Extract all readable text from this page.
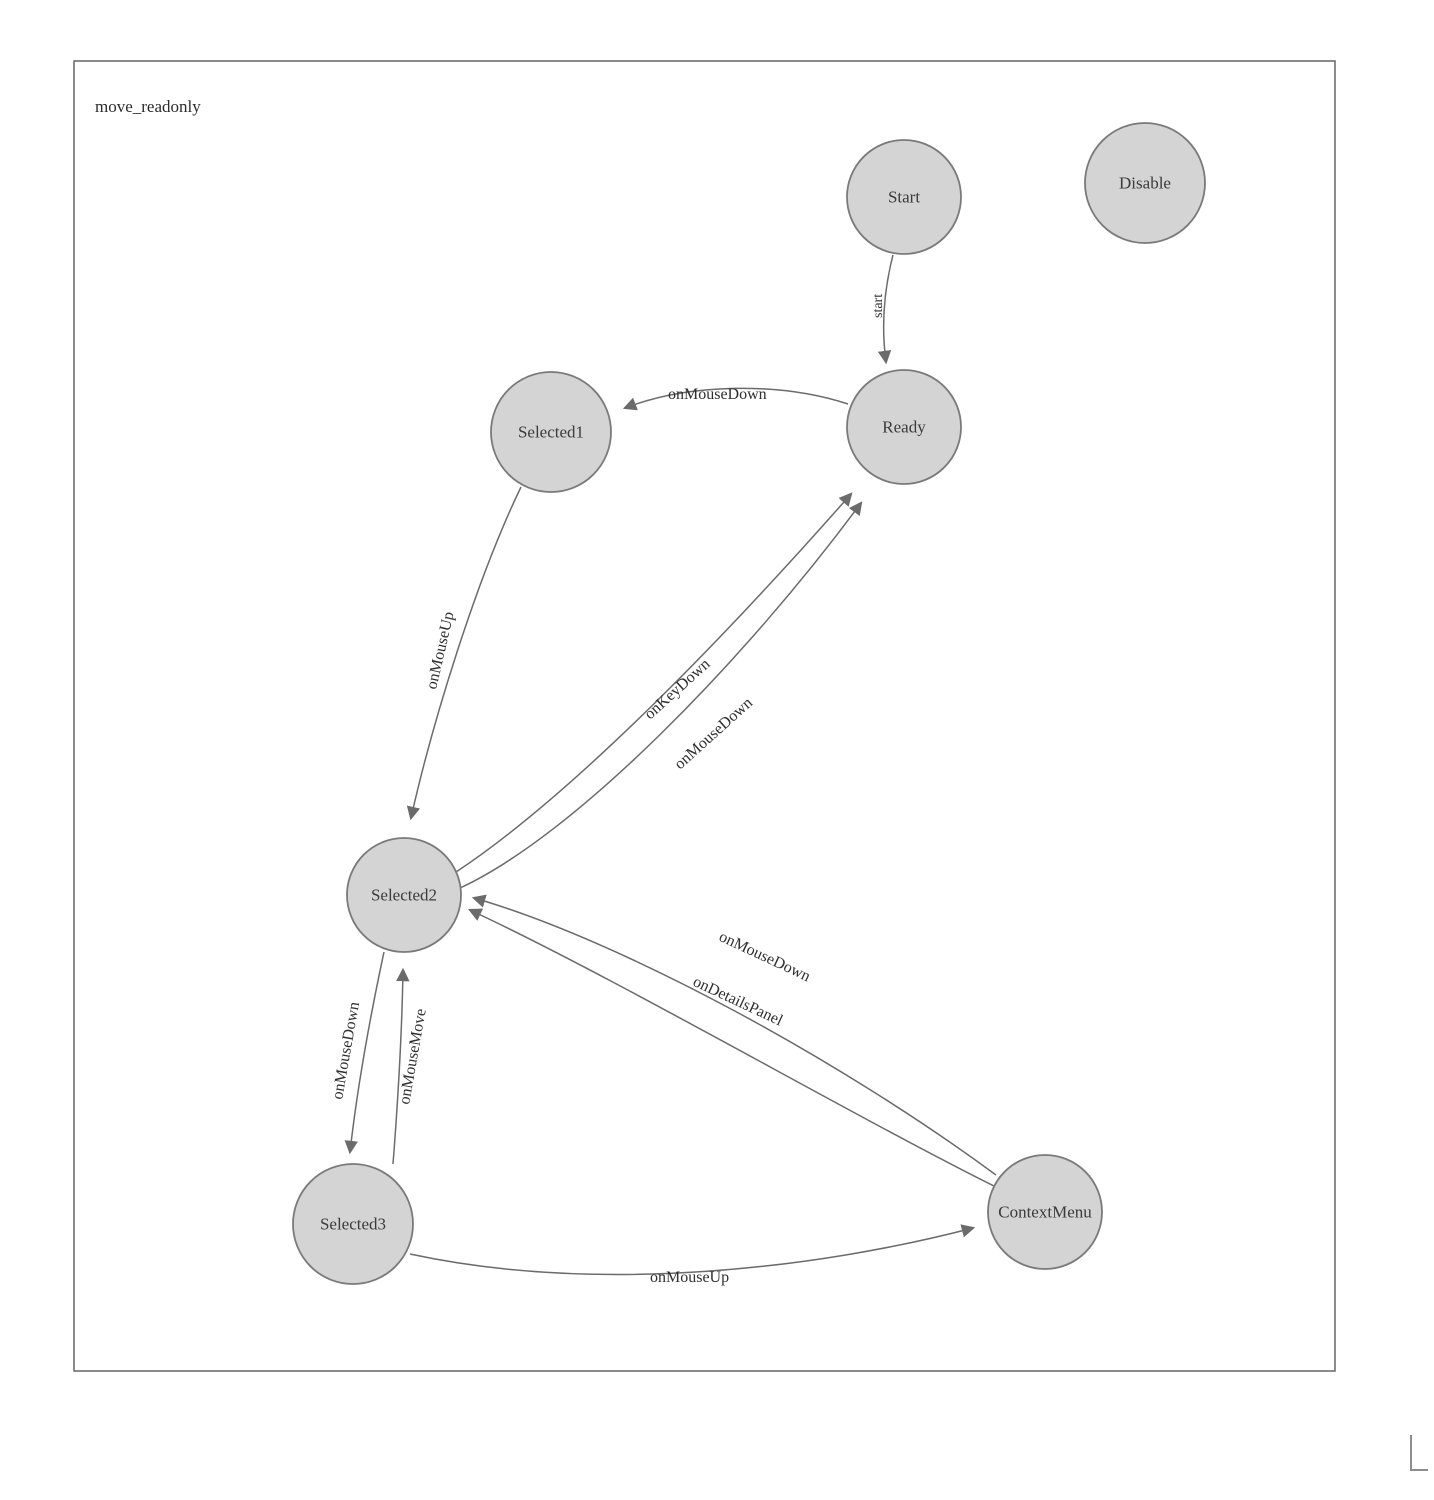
move_readonly
start
onMouseDown
onMouseUp	onKeyDown
onMouseDown
onMouseDown onMouseMove
onMouseDown
onDetailsPanel
onMouseUp
Start
Disable
Ready
Selected1
Selected2
Selected3
ContextMenu
